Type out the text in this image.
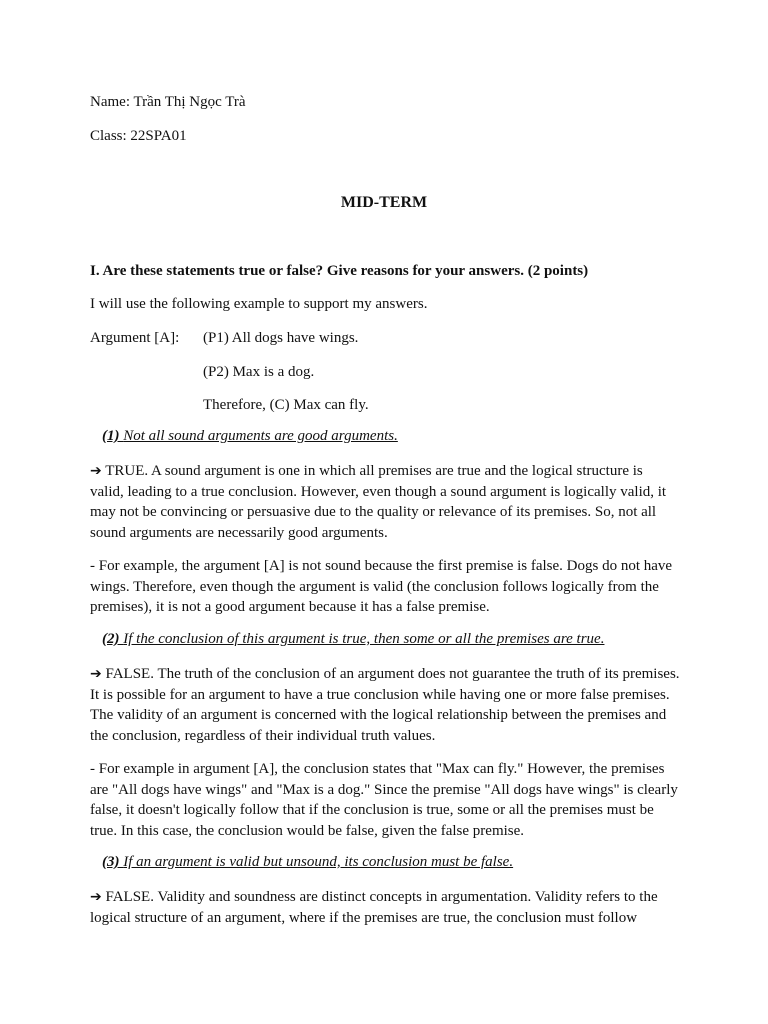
Name: Trần Thị Ngọc Trà
Class: 22SPA01
MID-TERM
I. Are these statements true or false? Give reasons for your answers. (2 points)
I will use the following example to support my answers.
Argument [A]: (P1) All dogs have wings.
(P2) Max is a dog.
Therefore, (C) Max can fly.
(1) Not all sound arguments are good arguments.
➔ TRUE. A sound argument is one in which all premises are true and the logical structure is valid, leading to a true conclusion. However, even though a sound argument is logically valid, it may not be convincing or persuasive due to the quality or relevance of its premises. So, not all sound arguments are necessarily good arguments.
- For example, the argument [A] is not sound because the first premise is false. Dogs do not have wings. Therefore, even though the argument is valid (the conclusion follows logically from the premises), it is not a good argument because it has a false premise.
(2) If the conclusion of this argument is true, then some or all the premises are true.
➔ FALSE. The truth of the conclusion of an argument does not guarantee the truth of its premises. It is possible for an argument to have a true conclusion while having one or more false premises. The validity of an argument is concerned with the logical relationship between the premises and the conclusion, regardless of their individual truth values.
- For example in argument [A], the conclusion states that "Max can fly." However, the premises are "All dogs have wings" and "Max is a dog." Since the premise "All dogs have wings" is clearly false, it doesn't logically follow that if the conclusion is true, some or all the premises must be true. In this case, the conclusion would be false, given the false premise.
(3) If an argument is valid but unsound, its conclusion must be false.
➔ FALSE. Validity and soundness are distinct concepts in argumentation. Validity refers to the logical structure of an argument, where if the premises are true, the conclusion must follow
